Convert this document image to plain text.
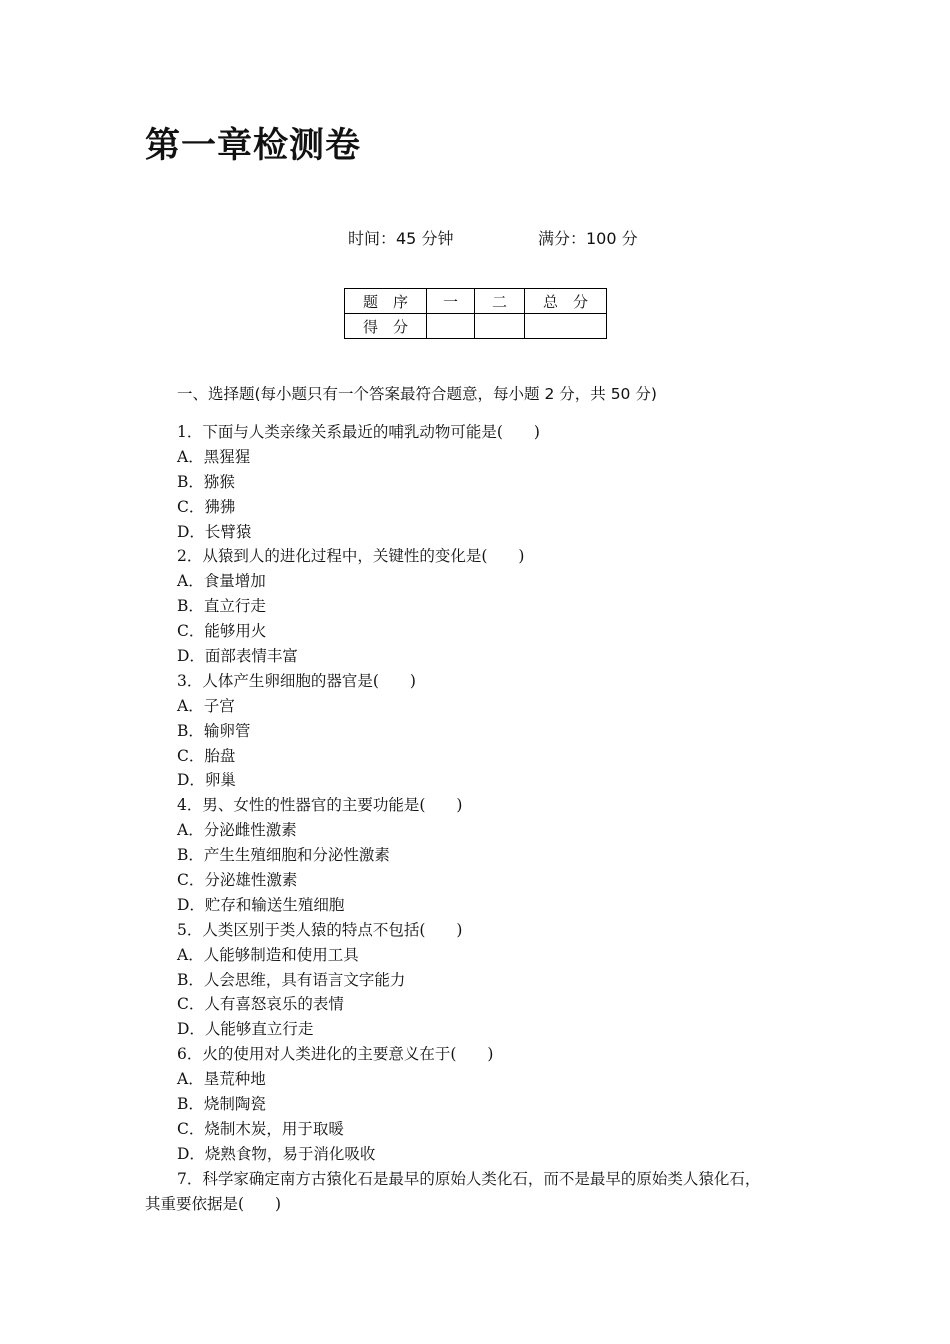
第一章检测卷
时间：45 分钟	满分：100 分
题　序	一	二	总　分
得　分			
一、选择题(每小题只有一个答案最符合题意，每小题 2 分，共 50 分)
1．下面与人类亲缘关系最近的哺乳动物可能是(　　)
A．黑猩猩
B．猕猴
C．狒狒
D．长臂猿
2．从猿到人的进化过程中，关键性的变化是(　　)
A．食量增加
B．直立行走
C．能够用火
D．面部表情丰富
3．人体产生卵细胞的器官是(　　)
A．子宫
B．输卵管
C．胎盘
D．卵巢
4．男、女性的性器官的主要功能是(　　)
A．分泌雌性激素
B．产生生殖细胞和分泌性激素
C．分泌雄性激素
D．贮存和输送生殖细胞
5．人类区别于类人猿的特点不包括(　　)
A．人能够制造和使用工具
B．人会思维，具有语言文字能力
C．人有喜怒哀乐的表情
D．人能够直立行走
6．火的使用对人类进化的主要意义在于(　　)
A．垦荒种地
B．烧制陶瓷
C．烧制木炭，用于取暖
D．烧熟食物，易于消化吸收
7．科学家确定南方古猿化石是最早的原始人类化石，而不是最早的原始类人猿化石，
其重要依据是(　　)
